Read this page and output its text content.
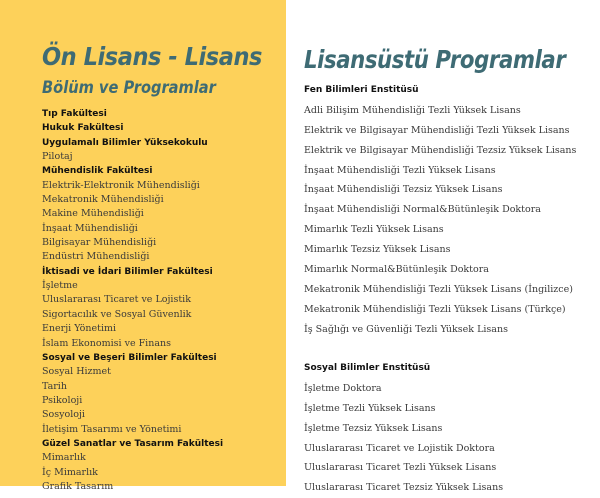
Ön Lisans - Lisans
Bölüm ve Programlar
Tıp Fakültesi
Hukuk Fakültesi
Uygulamalı Bilimler Yüksekokulu
Pilotaj
Mühendislik Fakültesi
Elektrik-Elektronik Mühendisliği
Mekatronik Mühendisliği
Makine Mühendisliği
İnşaat Mühendisliği
Bilgisayar Mühendisliği
Endüstri Mühendisliği
İktisadi ve İdari Bilimler Fakültesi
İşletme
Uluslararası Ticaret ve Lojistik
Sigortacılık ve Sosyal Güvenlik
Enerji Yönetimi
İslam Ekonomisi ve Finans
Sosyal ve Beşeri Bilimler Fakültesi
Sosyal Hizmet
Tarih
Psikoloji
Sosyoloji
İletişim Tasarımı ve Yönetimi
Güzel Sanatlar ve Tasarım Fakültesi
Mimarlık
İç Mimarlık
Grafik Tasarım
Lisansüstü Programlar
Fen Bilimleri Enstitüsü
Adli Bilişim Mühendisliği Tezli Yüksek Lisans
Elektrik ve Bilgisayar Mühendisliği Tezli Yüksek Lisans
Elektrik ve Bilgisayar Mühendisliği Tezsiz Yüksek Lisans
İnşaat Mühendisliği Tezli Yüksek Lisans
İnşaat Mühendisliği Tezsiz Yüksek Lisans
İnşaat Mühendisliği Normal&Bütünleşik Doktora
Mimarlık Tezli Yüksek Lisans
Mimarlık Tezsiz Yüksek Lisans
Mimarlık Normal&Bütünleşik Doktora
Mekatronik Mühendisliği Tezli Yüksek Lisans (İngilizce)
Mekatronik Mühendisliği Tezli Yüksek Lisans (Türkçe)
İş Sağlığı ve Güvenliği Tezli Yüksek Lisans
Sosyal Bilimler Enstitüsü
İşletme Doktora
İşletme Tezli Yüksek Lisans
İşletme Tezsiz Yüksek Lisans
Uluslararası Ticaret ve Lojistik Doktora
Uluslararası Ticaret Tezli Yüksek Lisans
Uluslararası Ticaret Tezsiz Yüksek Lisans
